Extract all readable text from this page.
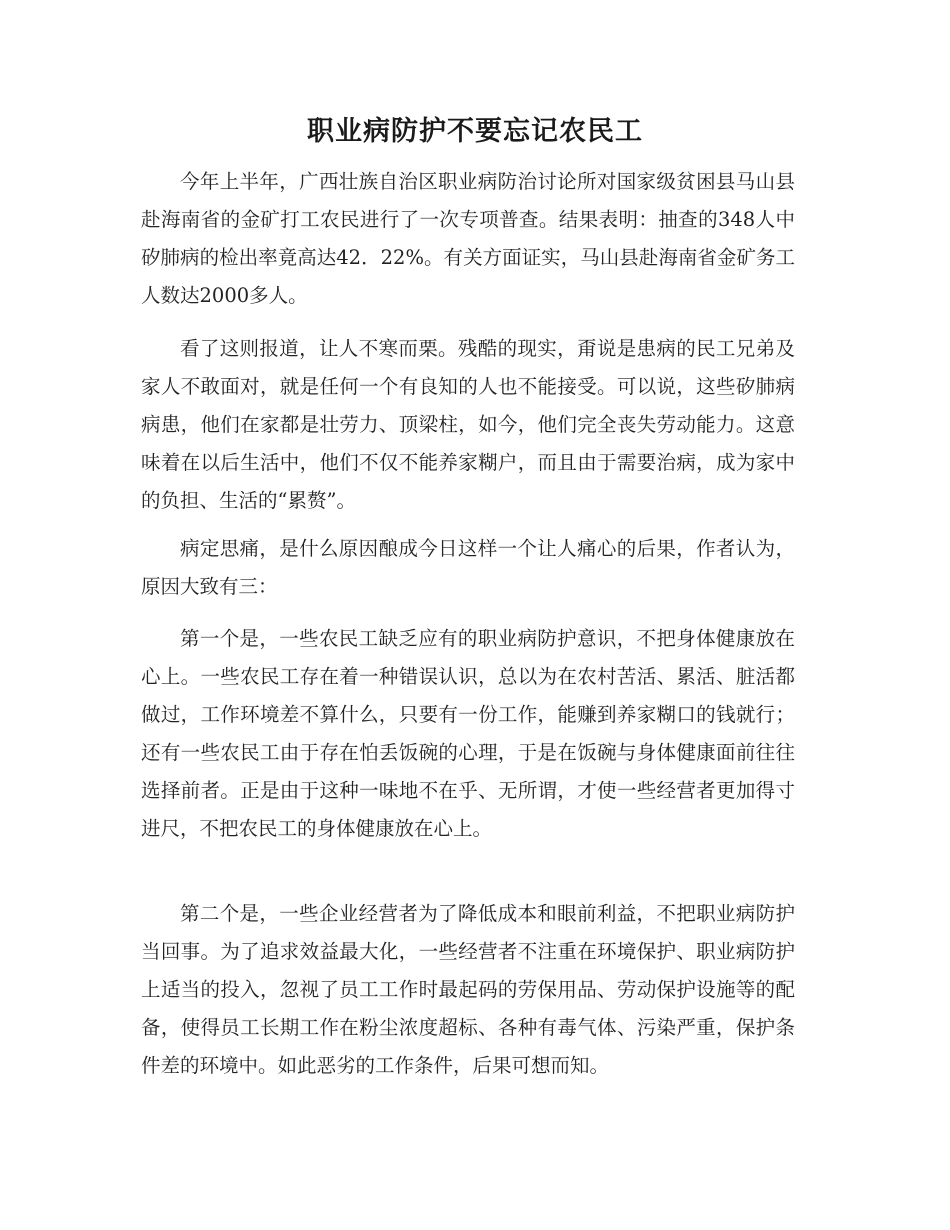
职业病防护不要忘记农民工

今年上半年，广西壮族自治区职业病防治讨论所对国家级贫困县马山县赴海南省的金矿打工农民进行了一次专项普查。结果表明：抽查的348人中矽肺病的检出率竟高达42．22%。有关方面证实，马山县赴海南省金矿务工人数达2000多人。

看了这则报道，让人不寒而栗。残酷的现实，甭说是患病的民工兄弟及家人不敢面对，就是任何一个有良知的人也不能接受。可以说，这些矽肺病病患，他们在家都是壮劳力、顶梁柱，如今，他们完全丧失劳动能力。这意味着在以后生活中，他们不仅不能养家糊户，而且由于需要治病，成为家中的负担、生活的“累赘”。

病定思痛，是什么原因酿成今日这样一个让人痛心的后果，作者认为，原因大致有三：

第一个是，一些农民工缺乏应有的职业病防护意识，不把身体健康放在心上。一些农民工存在着一种错误认识，总以为在农村苦活、累活、脏活都做过，工作环境差不算什么，只要有一份工作，能赚到养家糊口的钱就行；还有一些农民工由于存在怕丢饭碗的心理，于是在饭碗与身体健康面前往往选择前者。正是由于这种一味地不在乎、无所谓，才使一些经营者更加得寸进尺，不把农民工的身体健康放在心上。

第二个是，一些企业经营者为了降低成本和眼前利益，不把职业病防护当回事。为了追求效益最大化，一些经营者不注重在环境保护、职业病防护上适当的投入，忽视了员工工作时最起码的劳保用品、劳动保护设施等的配备，使得员工长期工作在粉尘浓度超标、各种有毒气体、污染严重，保护条件差的环境中。如此恶劣的工作条件，后果可想而知。
